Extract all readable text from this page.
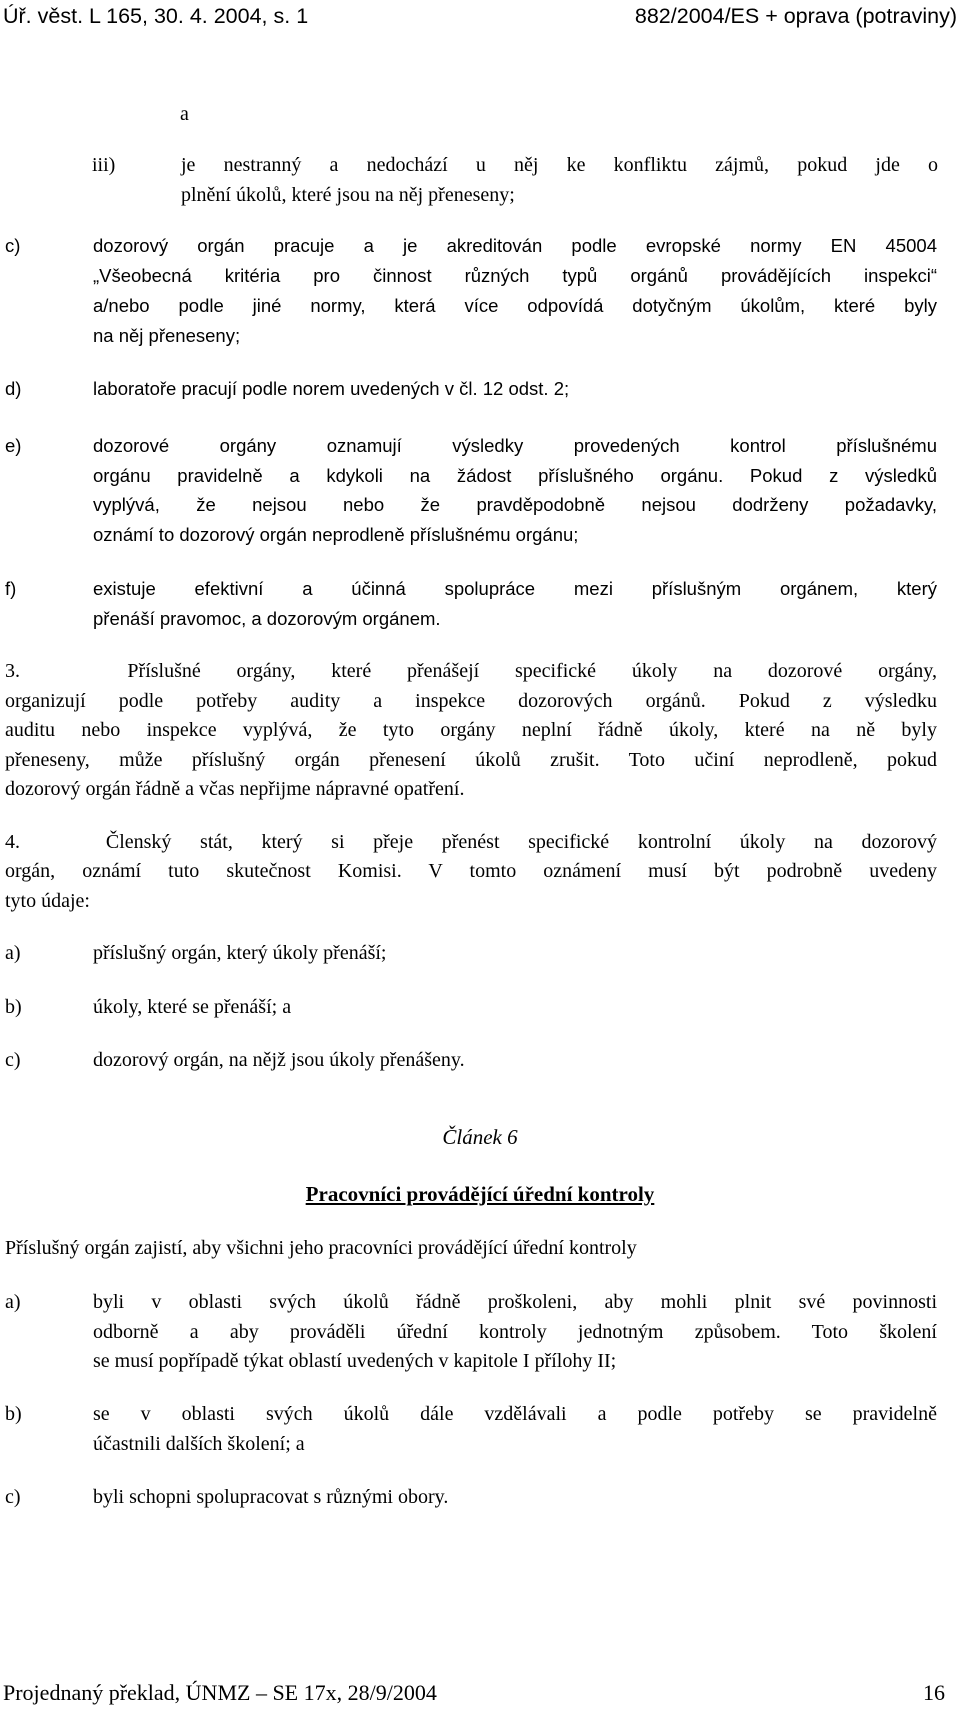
Úř. věst. L 165, 30. 4. 2004, s. 1	882/2004/ES + oprava (potraviny)
a
iii)	je nestranný a nedochází u něj ke konfliktu zájmů, pokud jde o
plnění úkolů, které jsou na něj přeneseny;
c)	dozorový orgán pracuje a je akreditován podle evropské normy EN 45004
„Všeobecná kritéria pro činnost různých typů orgánů provádějících inspekci“
a/nebo podle jiné normy, která více odpovídá dotyčným úkolům, které byly
na něj přeneseny;
d)	laboratoře pracují podle norem uvedených v čl. 12 odst. 2;
e)	dozorové orgány oznamují výsledky provedených kontrol příslušnému
orgánu pravidelně a kdykoli na žádost příslušného orgánu. Pokud z výsledků
vyplývá, že nejsou nebo že pravděpodobně nejsou dodrženy požadavky,
oznámí to dozorový orgán neprodleně příslušnému orgánu;
f)	existuje efektivní a účinná spolupráce mezi příslušným orgánem, který
přenáší pravomoc, a dozorovým orgánem.
3.   Příslušné orgány, které přenášejí specifické úkoly na dozorové orgány,
organizují podle potřeby audity a inspekce dozorových orgánů. Pokud z výsledku
auditu nebo inspekce vyplývá, že tyto orgány neplní řádně úkoly, které na ně byly
přeneseny, může příslušný orgán přenesení úkolů zrušit. Toto učiní neprodleně, pokud
dozorový orgán řádně a včas nepřijme nápravné opatření.
4.   Členský stát, který si přeje přenést specifické kontrolní úkoly na dozorový
orgán, oznámí tuto skutečnost Komisi. V tomto oznámení musí být podrobně uvedeny
tyto údaje:
a)	příslušný orgán, který úkoly přenáší;
b)	úkoly, které se přenáší; a
c)	dozorový orgán, na nějž jsou úkoly přenášeny.
Článek 6
Pracovníci provádějící úřední kontroly
Příslušný orgán zajistí, aby všichni jeho pracovníci provádějící úřední kontroly
a)	byli v oblasti svých úkolů řádně proškoleni, aby mohli plnit své povinnosti
odborně a aby prováděli úřední kontroly jednotným způsobem. Toto školení
se musí popřípadě týkat oblastí uvedených v kapitole I přílohy II;
b)	se v oblasti svých úkolů dále vzdělávali a podle potřeby se pravidelně
účastnili dalších školení; a
c)	byli schopni spolupracovat s různými obory.
Projednaný překlad, ÚNMZ – SE 17x, 28/9/2004	16
